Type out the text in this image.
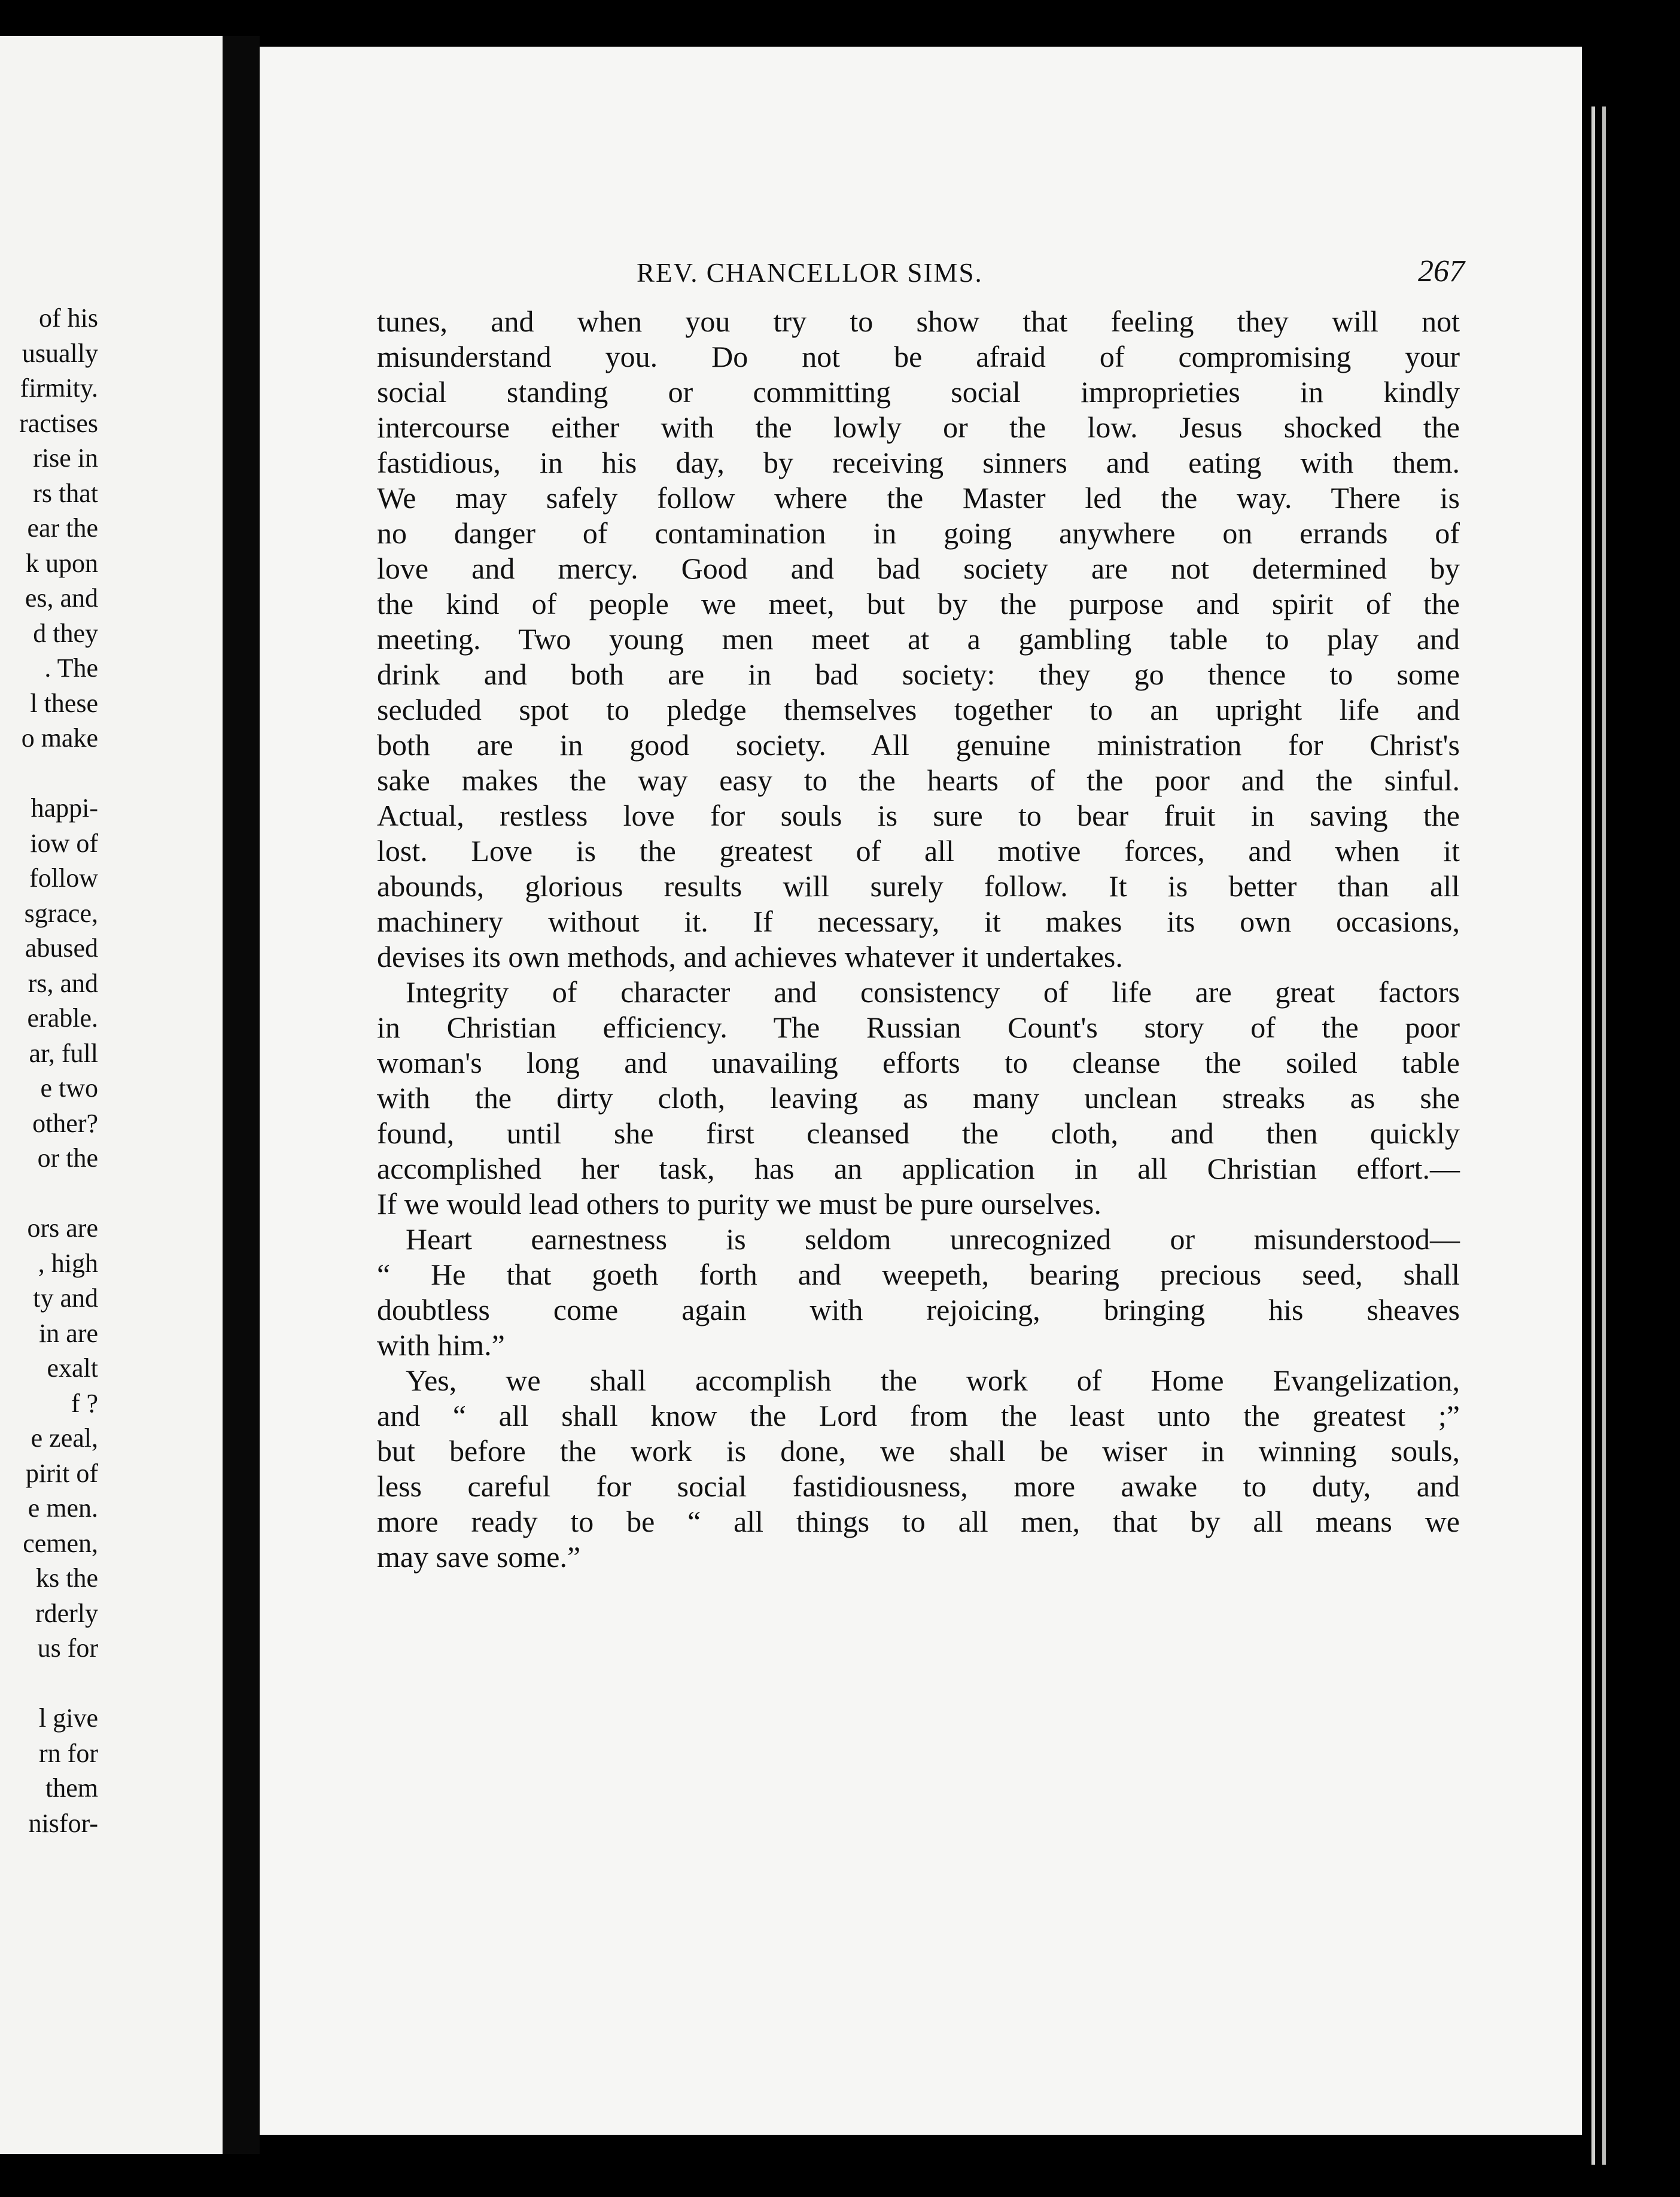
of his
usually
firmity.
ractises
rise in
rs that
ear the
k upon
es, and
d they
. The
l these
o make
happi-
iow of
follow
sgrace,
abused
rs, and
erable.
ar, full
e two
other?
or the
ors are
, high
ty and
in are
exalt
f ?
e zeal,
pirit of
e men.
cemen,
ks the
rderly
us for
l give
rn for
them
nisfor-
REV. CHANCELLOR SIMS.	267
tunes, and when you try to show that feeling they will not
misunderstand you. Do not be afraid of compromising your
social standing or committing social improprieties in kindly
intercourse either with the lowly or the low. Jesus shocked the
fastidious, in his day, by receiving sinners and eating with them.
We may safely follow where the Master led the way. There is
no danger of contamination in going anywhere on errands of
love and mercy. Good and bad society are not determined by
the kind of people we meet, but by the purpose and spirit of the
meeting. Two young men meet at a gambling table to play and
drink and both are in bad society: they go thence to some
secluded spot to pledge themselves together to an upright life and
both are in good society. All genuine ministration for Christ's
sake makes the way easy to the hearts of the poor and the sinful.
Actual, restless love for souls is sure to bear fruit in saving the
lost. Love is the greatest of all motive forces, and when it
abounds, glorious results will surely follow. It is better than all
machinery without it. If necessary, it makes its own occasions,
devises its own methods, and achieves whatever it undertakes.
Integrity of character and consistency of life are great factors
in Christian efficiency. The Russian Count's story of the poor
woman's long and unavailing efforts to cleanse the soiled table
with the dirty cloth, leaving as many unclean streaks as she
found, until she first cleansed the cloth, and then quickly
accomplished her task, has an application in all Christian effort.—
If we would lead others to purity we must be pure ourselves.
Heart earnestness is seldom unrecognized or misunderstood—
“ He that goeth forth and weepeth, bearing precious seed, shall
doubtless come again with rejoicing, bringing his sheaves
with him.”
Yes, we shall accomplish the work of Home Evangelization,
and “ all shall know the Lord from the least unto the greatest ;”
but before the work is done, we shall be wiser in winning souls,
less careful for social fastidiousness, more awake to duty, and
more ready to be “ all things to all men, that by all means we
may save some.”
